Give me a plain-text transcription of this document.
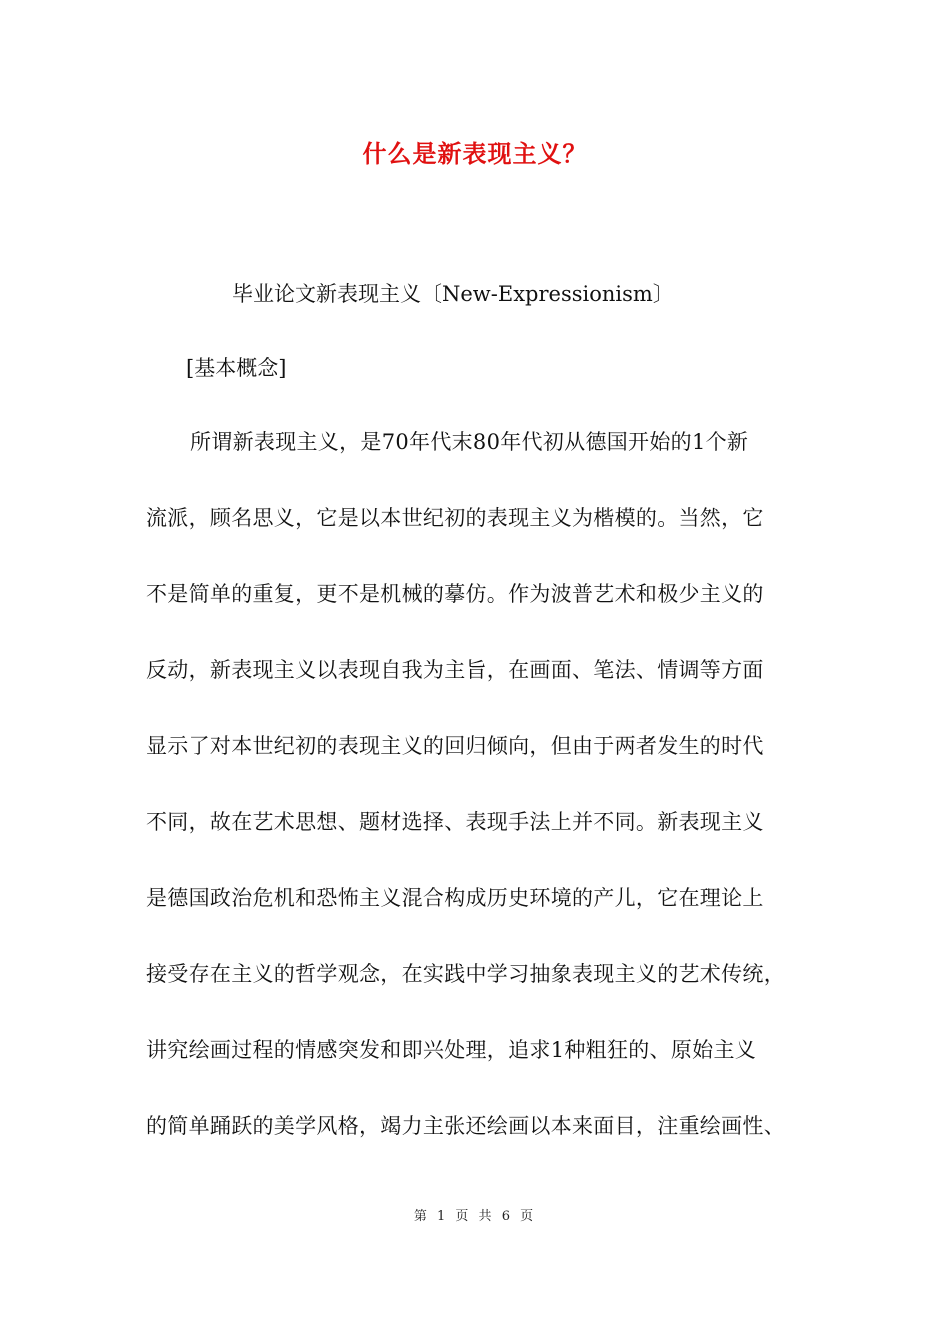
什么是新表现主义？
毕业论文新表现主义〔New-Expressionism〕
[基本概念]
所谓新表现主义，是70年代末80年代初从德国开始的1个新
流派，顾名思义，它是以本世纪初的表现主义为楷模的。当然，它
不是简单的重复，更不是机械的摹仿。作为波普艺术和极少主义的
反动，新表现主义以表现自我为主旨，在画面、笔法、情调等方面
显示了对本世纪初的表现主义的回归倾向，但由于两者发生的时代
不同，故在艺术思想、题材选择、表现手法上并不同。新表现主义
是德国政治危机和恐怖主义混合构成历史环境的产儿，它在理论上
接受存在主义的哲学观念，在实践中学习抽象表现主义的艺术传统，
讲究绘画过程的情感突发和即兴处理，追求1种粗狂的、原始主义
的简单踊跃的美学风格，竭力主张还绘画以本来面目，注重绘画性、
第 1 页 共 6 页
